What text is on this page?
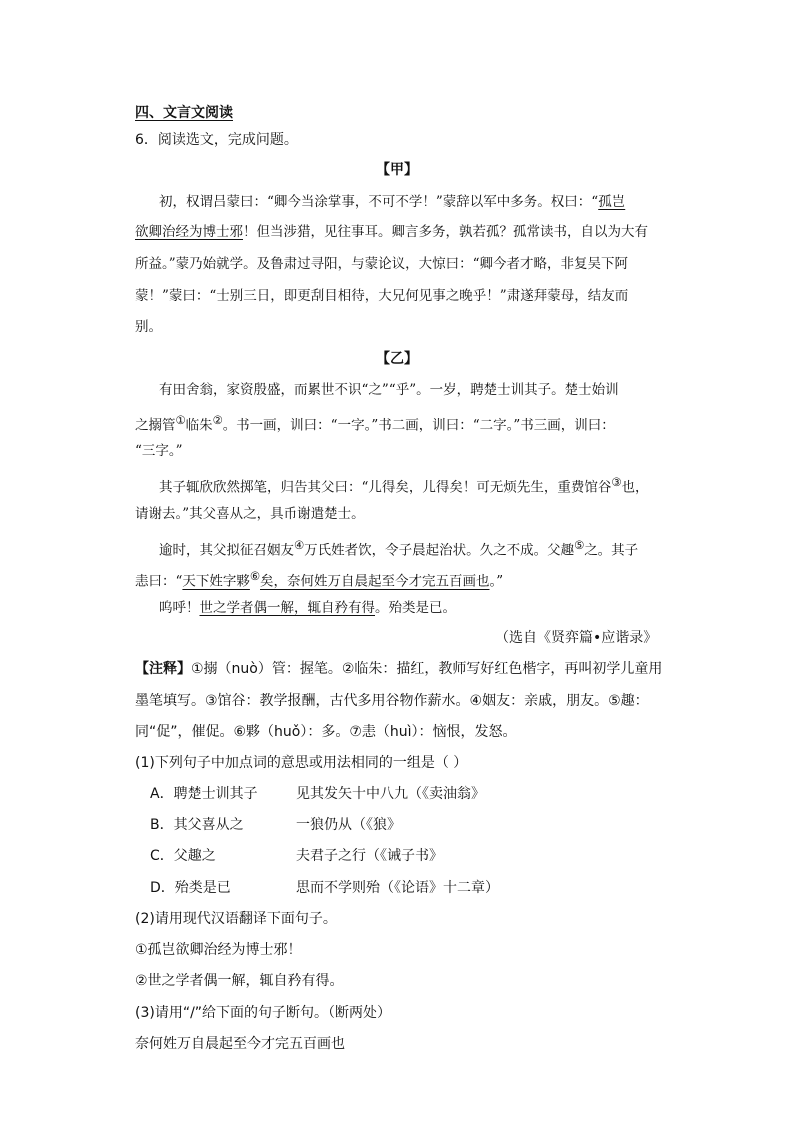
四、文言文阅读
6．阅读选文，完成问题。
【甲】
初，权谓吕蒙曰：“卿今当涂掌事，不可不学！”蒙辞以军中多务。权曰：“孤岂
欲卿治经为博士邪！但当涉猎，见往事耳。卿言多务，孰若孤？孤常读书，自以为大有
所益。”蒙乃始就学。及鲁肃过寻阳，与蒙论议，大惊曰：“卿今者才略，非复吴下阿
蒙！”蒙曰：“士别三日，即更刮目相待，大兄何见事之晚乎！”肃遂拜蒙母，结友而
别。
【乙】
有田舍翁，家资殷盛，而累世不识“之”“乎”。一岁，聘楚士训其子。楚士始训
之搦管①临朱②。书一画，训曰：“一字。”书二画，训曰：“二字。”书三画，训曰：
“三字。”
其子辄欣欣然掷笔，归告其父曰：“儿得矣，儿得矣！可无烦先生，重费馆谷③也，
请谢去。”其父喜从之，具币谢遣楚士。
逾时，其父拟征召姻友④万氏姓者饮，令子晨起治状。久之不成。父趣⑤之。其子
恚曰：“天下姓字夥⑥矣，奈何姓万自晨起至今才完五百画也。”
呜呼！世之学者偶一解，辄自矜有得。殆类是已。
（选自《贤弈篇•应谐录》
【注释】①搦（nuò）管：握笔。②临朱：描红，教师写好红色楷字，再叫初学儿童用
墨笔填写。③馆谷：教学报酬，古代多用谷物作薪水。④姻友：亲戚，朋友。⑤趣：
同“促”，催促。⑥夥（huǒ）：多。⑦恚（huì）：恼恨，发怒。
(1)下列句子中加点词的意思或用法相同的一组是（ ）
A．聘楚士训其子	见其发矢十中八九（《卖油翁》
B．其父喜从之	一狼仍从（《狼》
C．父趣之	夫君子之行（《诫子书》
D．殆类是已	思而不学则殆（《论语》十二章）
(2)请用现代汉语翻译下面句子。
①孤岂欲卿治经为博士邪！
②世之学者偶一解，辄自矜有得。
(3)请用“/”给下面的句子断句。（断两处）
奈何姓万自晨起至今才完五百画也
